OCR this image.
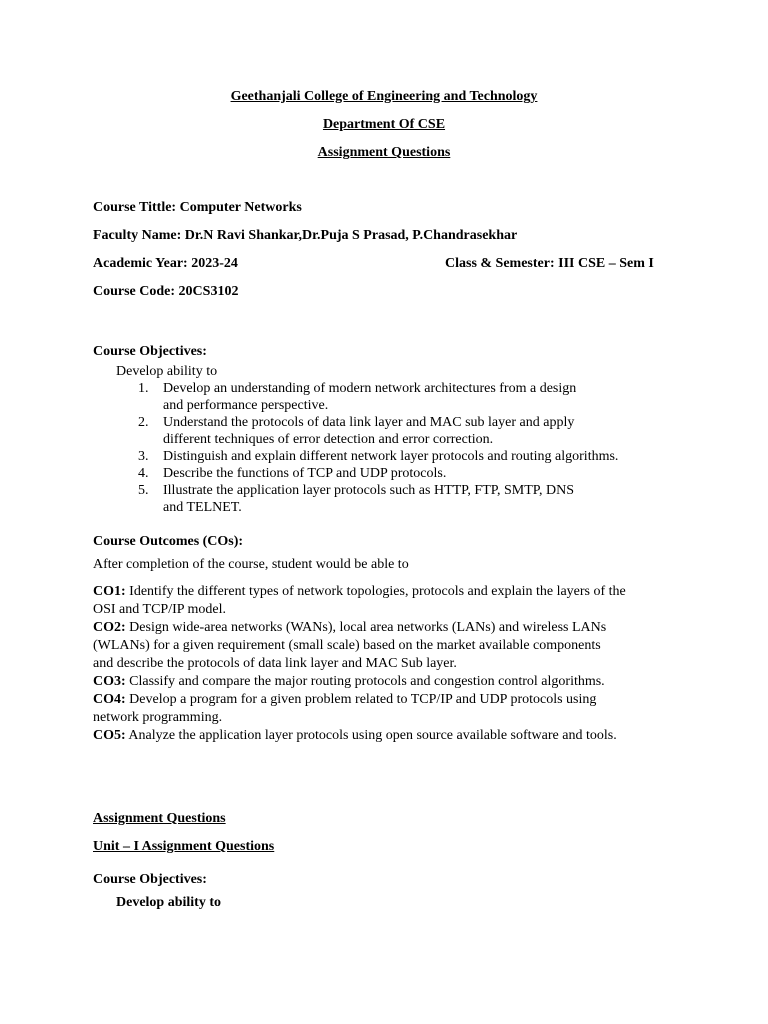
Geethanjali College of Engineering and Technology
Department Of CSE
Assignment Questions
Course Tittle: Computer Networks
Faculty Name: Dr.N Ravi Shankar,Dr.Puja S Prasad, P.Chandrasekhar
Academic Year: 2023-24	Class & Semester: III CSE – Sem I
Course Code: 20CS3102
Course Objectives:
Develop ability to
1. Develop an understanding of modern network architectures from a design
and performance perspective.
2. Understand the protocols of data link layer and MAC sub layer and apply
different techniques of error detection and error correction.
3. Distinguish and explain different network layer protocols and routing algorithms.
4. Describe the functions of TCP and UDP protocols.
5. Illustrate the application layer protocols such as HTTP, FTP, SMTP, DNS
and TELNET.
Course Outcomes (COs):
After completion of the course, student would be able to
CO1: Identify the different types of network topologies, protocols and explain the layers of the
OSI and TCP/IP model.
CO2: Design wide-area networks (WANs), local area networks (LANs) and wireless LANs
(WLANs) for a given requirement (small scale) based on the market available components
and describe the protocols of data link layer and MAC Sub layer.
CO3: Classify and compare the major routing protocols and congestion control algorithms.
CO4: Develop a program for a given problem related to TCP/IP and UDP protocols using
network programming.
CO5: Analyze the application layer protocols using open source available software and tools.
Assignment Questions
Unit – I Assignment Questions
Course Objectives:
Develop ability to
